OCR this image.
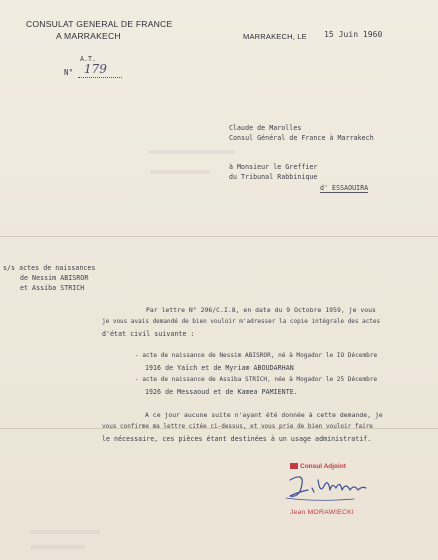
CONSULAT GENERAL DE FRANCE
A MARRAKECH
A.T.
N° 179
MARRAKECH, LE 15 Juin 1960
Claude de Marolles
Consul Général de France à Marrakech
à Monsieur le Greffier
du Tribunal Rabbinique
d' ESSAOUIRA
s/s actes de naissances
de Nessim ABISROR
et Assiba STRICH
Par lettre N° 296/C.I.8, en date du 9 Octobre 1959, je vous
je vous avais demandé de bien vouloir m'adresser la copie intégrale des actes
d'état civil suivante :
- acte de naissance de Nessim ABISROR, né à Mogador le IO Décembre
1916 de Yaïch et de Myriam ABOUDARHAN
- acte de naissance de Assiba STRICH, née à Mogador le 25 Décembre
1926 de Messaoud et de Kamea PAMIENTE.
A ce jour aucune suite n'ayant été donnée à cette demande, je
vous confirme ma lettre citée ci-dessus, et vous prie de bien vouloir faire
le nécessaire, ces pièces étant destinées à un usage administratif.
Consul Adjoint
Jean MORAWIECKI
